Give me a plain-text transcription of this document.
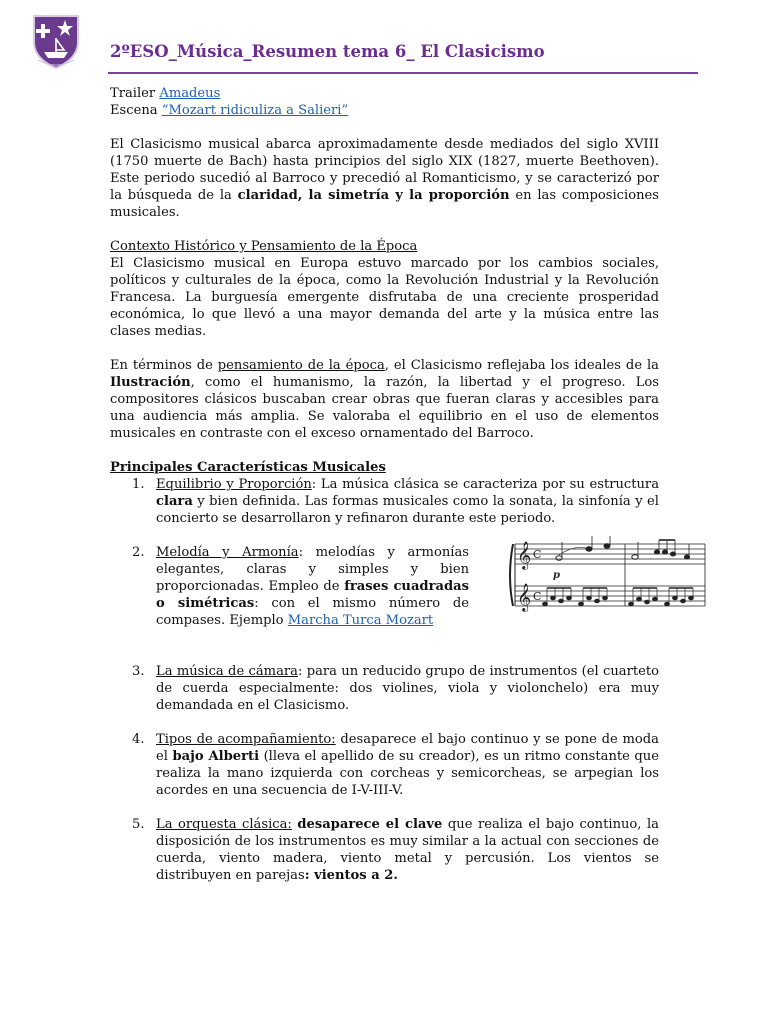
2ºESO_Música_Resumen tema 6_ El Clasicismo

Trailer Amadeus

Escena “Mozart ridiculiza a Salieri”

El Clasicismo musical abarca aproximadamente desde mediados del siglo XVIII (1750 muerte de Bach) hasta principios del siglo XIX (1827, muerte Beethoven). Este periodo sucedió al Barroco y precedió al Romanticismo, y se caracterizó por la búsqueda de la claridad, la simetría y la proporción en las composiciones musicales.

Contexto Histórico y Pensamiento de la Época

El Clasicismo musical en Europa estuvo marcado por los cambios sociales, políticos y culturales de la época, como la Revolución Industrial y la Revolución Francesa. La burguesía emergente disfrutaba de una creciente prosperidad económica, lo que llevó a una mayor demanda del arte y la música entre las clases medias.

En términos de pensamiento de la época, el Clasicismo reflejaba los ideales de la Ilustración, como el humanismo, la razón, la libertad y el progreso. Los compositores clásicos buscaban crear obras que fueran claras y accesibles para una audiencia más amplia. Se valoraba el equilibrio en el uso de elementos musicales en contraste con el exceso ornamentado del Barroco.

Principales Características Musicales

1. Equilibrio y Proporción: La música clásica se caracteriza por su estructura clara y bien definida. Las formas musicales como la sonata, la sinfonía y el concierto se desarrollaron y refinaron durante este periodo.
2. Melodía y Armonía: melodías y armonías elegantes, claras y simples y bien proporcionadas. Empleo de frases cuadradas o simétricas: con el mismo número de compases. Ejemplo Marcha Turca Mozart
3. La música de cámara: para un reducido grupo de instrumentos (el cuarteto de cuerda especialmente: dos violines, viola y violonchelo) era muy demandada en el Clasicismo.
4. Tipos de acompañamiento: desaparece el bajo continuo y se pone de moda el bajo Alberti (lleva el apellido de su creador), es un ritmo constante que realiza la mano izquierda con corcheas y semicorcheas, se arpegian los acordes en una secuencia de I-V-III-V.
5. La orquesta clásica: desaparece el clave que realiza el bajo continuo, la disposición de los instrumentos es muy similar a la actual con secciones de cuerda, viento madera, viento metal y percusión. Los vientos se distribuyen en parejas: vientos a 2.
𝄞
𝄞
C
C
p
